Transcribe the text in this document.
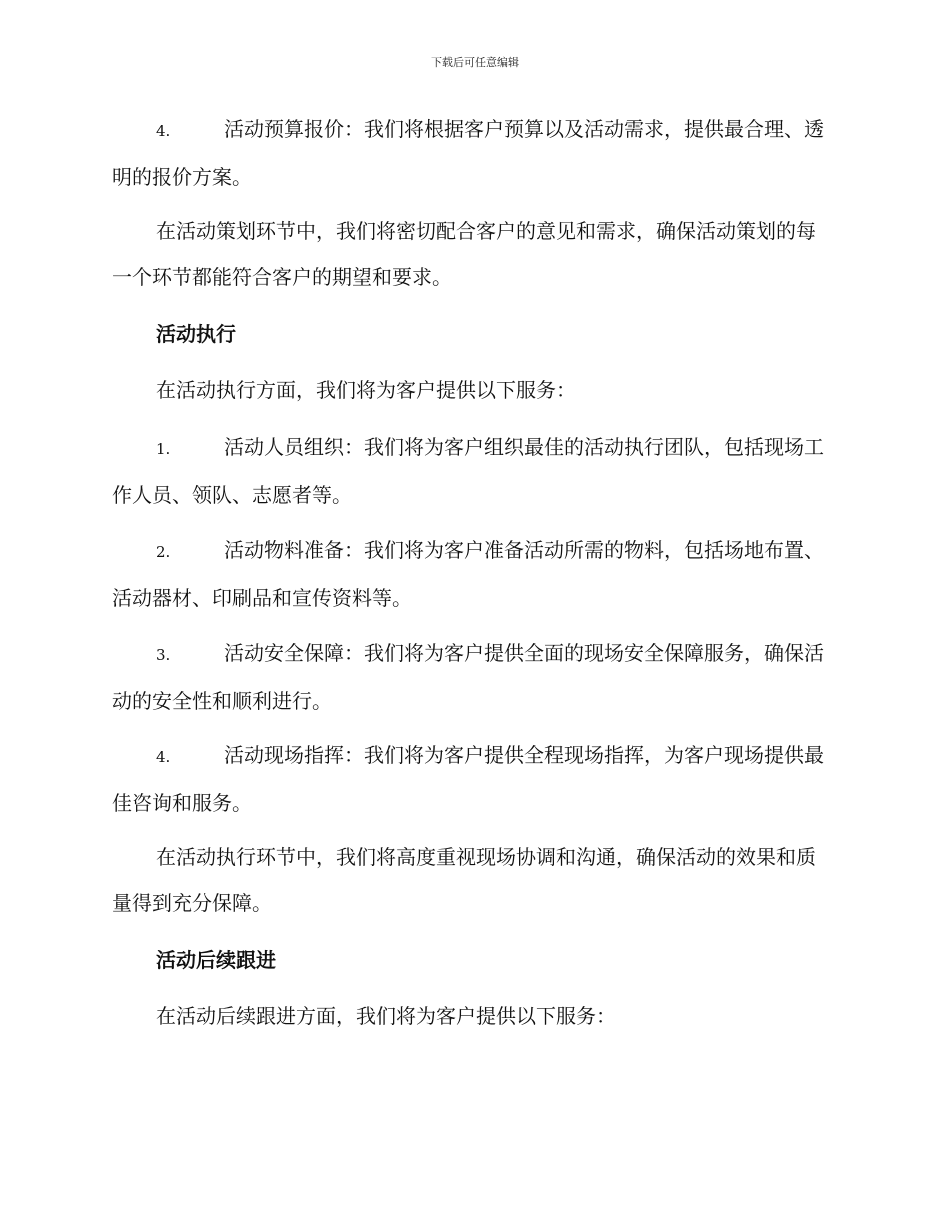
下载后可任意编辑

4.	活动预算报价：我们将根据客户预算以及活动需求，提供最合理、透明的报价方案。

在活动策划环节中，我们将密切配合客户的意见和需求，确保活动策划的每一个环节都能符合客户的期望和要求。

活动执行

在活动执行方面，我们将为客户提供以下服务：

1.	活动人员组织：我们将为客户组织最佳的活动执行团队，包括现场工作人员、领队、志愿者等。

2.	活动物料准备：我们将为客户准备活动所需的物料，包括场地布置、活动器材、印刷品和宣传资料等。

3.	活动安全保障：我们将为客户提供全面的现场安全保障服务，确保活动的安全性和顺利进行。

4.	活动现场指挥：我们将为客户提供全程现场指挥，为客户现场提供最佳咨询和服务。

在活动执行环节中，我们将高度重视现场协调和沟通，确保活动的效果和质量得到充分保障。

活动后续跟进

在活动后续跟进方面，我们将为客户提供以下服务：
